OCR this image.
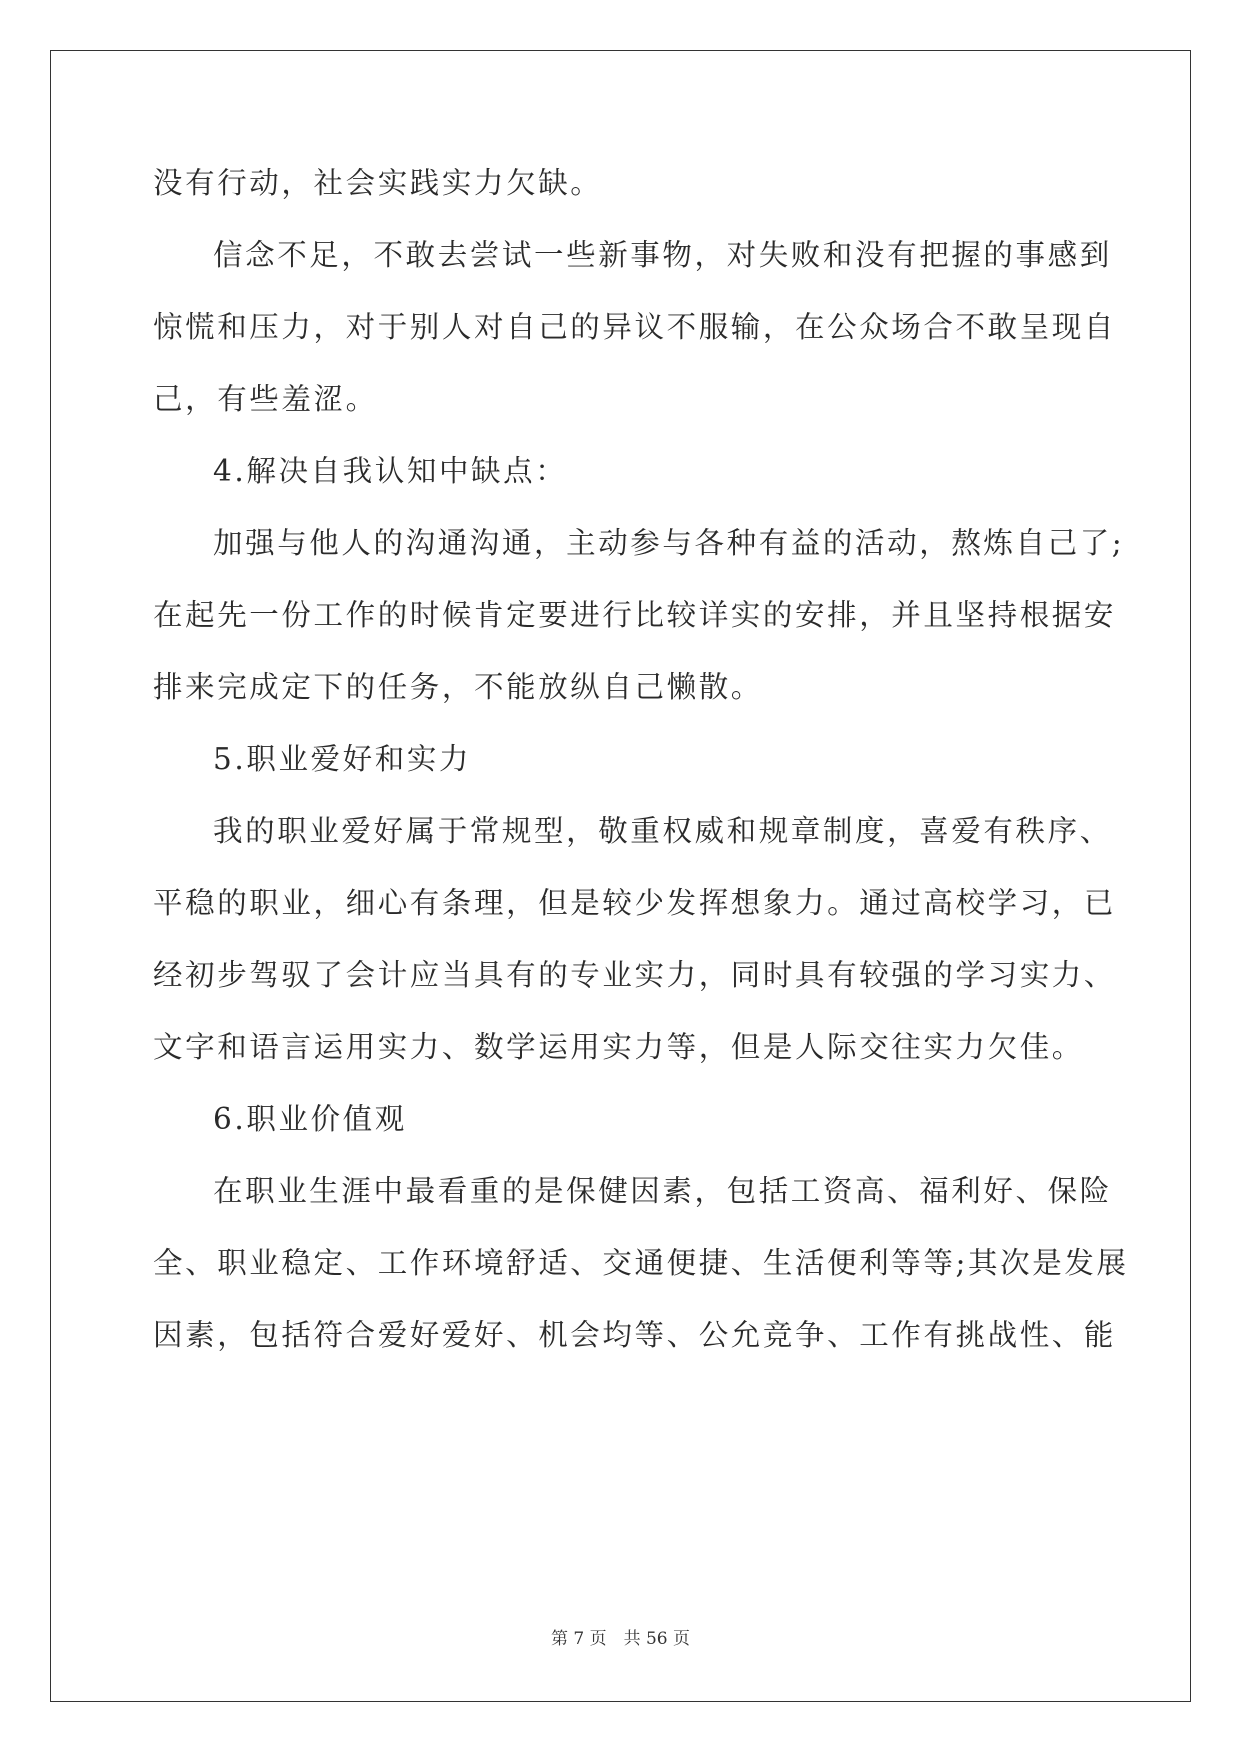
没有行动，社会实践实力欠缺。
信念不足，不敢去尝试一些新事物，对失败和没有把握的事感到
惊慌和压力，对于别人对自己的异议不服输，在公众场合不敢呈现自
己，有些羞涩。
4.解决自我认知中缺点：
加强与他人的沟通沟通，主动参与各种有益的活动，熬炼自己了;
在起先一份工作的时候肯定要进行比较详实的安排，并且坚持根据安
排来完成定下的任务，不能放纵自己懒散。
5.职业爱好和实力
我的职业爱好属于常规型，敬重权威和规章制度，喜爱有秩序、
平稳的职业，细心有条理，但是较少发挥想象力。通过高校学习，已
经初步驾驭了会计应当具有的专业实力，同时具有较强的学习实力、
文字和语言运用实力、数学运用实力等，但是人际交往实力欠佳。
6.职业价值观
在职业生涯中最看重的是保健因素，包括工资高、福利好、保险
全、职业稳定、工作环境舒适、交通便捷、生活便利等等;其次是发展
因素，包括符合爱好爱好、机会均等、公允竞争、工作有挑战性、能
第 7 页　共 56 页
